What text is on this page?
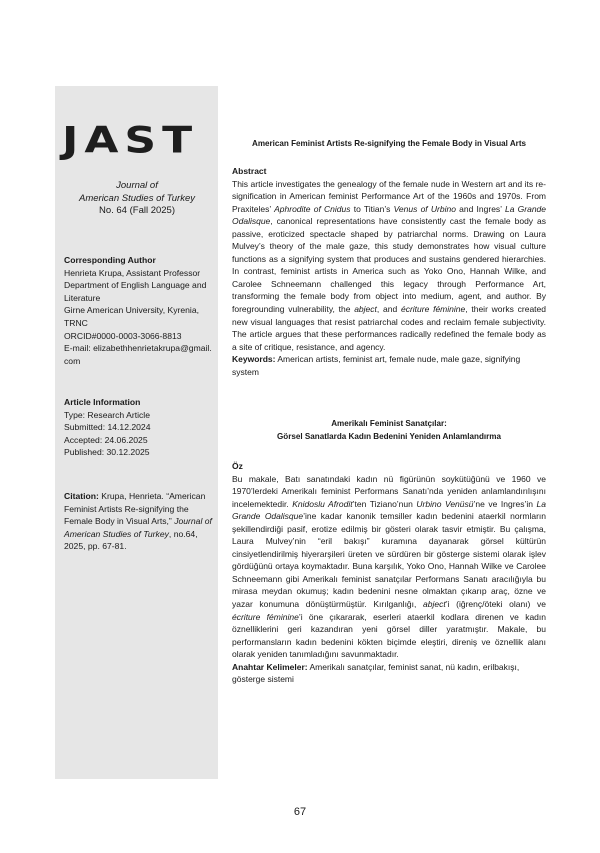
JAST
Journal of
American Studies of Turkey
No. 64 (Fall 2025)
Corresponding Author
Henrieta Krupa, Assistant Professor
Department of English Language and Literature
Girne American University, Kyrenia, TRNC
ORCID#0000-0003-3066-8813
E-mail: elizabethhenrietakrupa@gmail.com
Article Information
Type: Research Article
Submitted: 14.12.2024
Accepted: 24.06.2025
Published: 30.12.2025
Citation: Krupa, Henrieta. “American Feminist Artists Re-signifying the Female Body in Visual Arts,” Journal of American Studies of Turkey, no.64, 2025, pp. 67-81.
American Feminist Artists Re-signifying the Female Body in Visual Arts
Abstract
This article investigates the genealogy of the female nude in Western art and its re-signification in American feminist Performance Art of the 1960s and 1970s. From Praxiteles’ Aphrodite of Cnidus to Titian’s Venus of Urbino and Ingres’ La Grande Odalisque, canonical representations have consistently cast the female body as passive, eroticized spectacle shaped by patriarchal norms. Drawing on Laura Mulvey’s theory of the male gaze, this study demonstrates how visual culture functions as a signifying system that produces and sustains gendered hierarchies. In contrast, feminist artists in America such as Yoko Ono, Hannah Wilke, and Carolee Schneemann challenged this legacy through Performance Art, transforming the female body from object into medium, agent, and author. By foregrounding vulnerability, the abject, and écriture féminine, their works created new visual languages that resist patriarchal codes and reclaim female subjectivity. The article argues that these performances radically redefined the female body as a site of critique, resistance, and agency.
Keywords: American artists, feminist art, female nude, male gaze, signifying system
Amerikalı Feminist Sanatçılar:
Görsel Sanatlarda Kadın Bedenini Yeniden Anlamlandırma
Öz
Bu makale, Batı sanatındaki kadın nü figürünün soykütüğünü ve 1960 ve 1970’lerdeki Amerikalı feminist Performans Sanatı’nda yeniden anlamlandırılışını incelemektedir. Knidoslu Afrodit’ten Tiziano’nun Urbino Venüsü’ne ve Ingres’in La Grande Odalisque’ine kadar kanonik temsiller kadın bedenini ataerkil normların şekillendirdiği pasif, erotize edilmiş bir gösteri olarak tasvir etmiştir. Bu çalışma, Laura Mulvey’nin “eril bakışı” kuramına dayanarak görsel kültürün cinsiyetlendirilmiş hiyerarşileri üreten ve sürdüren bir gösterge sistemi olarak işlev gördüğünü ortaya koymaktadır. Buna karşılık, Yoko Ono, Hannah Wilke ve Carolee Schneemann gibi Amerikalı feminist sanatçılar Performans Sanatı aracılığıyla bu mirasa meydan okumuş; kadın bedenini nesne olmaktan çıkarıp araç, özne ve yazar konumuna dönüştürmüştür. Kırılganlığı, abject’i (iğrenç/öteki olanı) ve écriture féminine’i öne çıkararak, eserleri ataerkil kodlara direnen ve kadın öznelliklerini geri kazandıran yeni görsel diller yaratmıştır. Makale, bu performansların kadın bedenini kökten biçimde eleştiri, direniş ve öznellik alanı olarak yeniden tanımladığını savunmaktadır.
Anahtar Kelimeler: Amerikalı sanatçılar, feminist sanat, nü kadın, erilbakışı, gösterge sistemi
67
